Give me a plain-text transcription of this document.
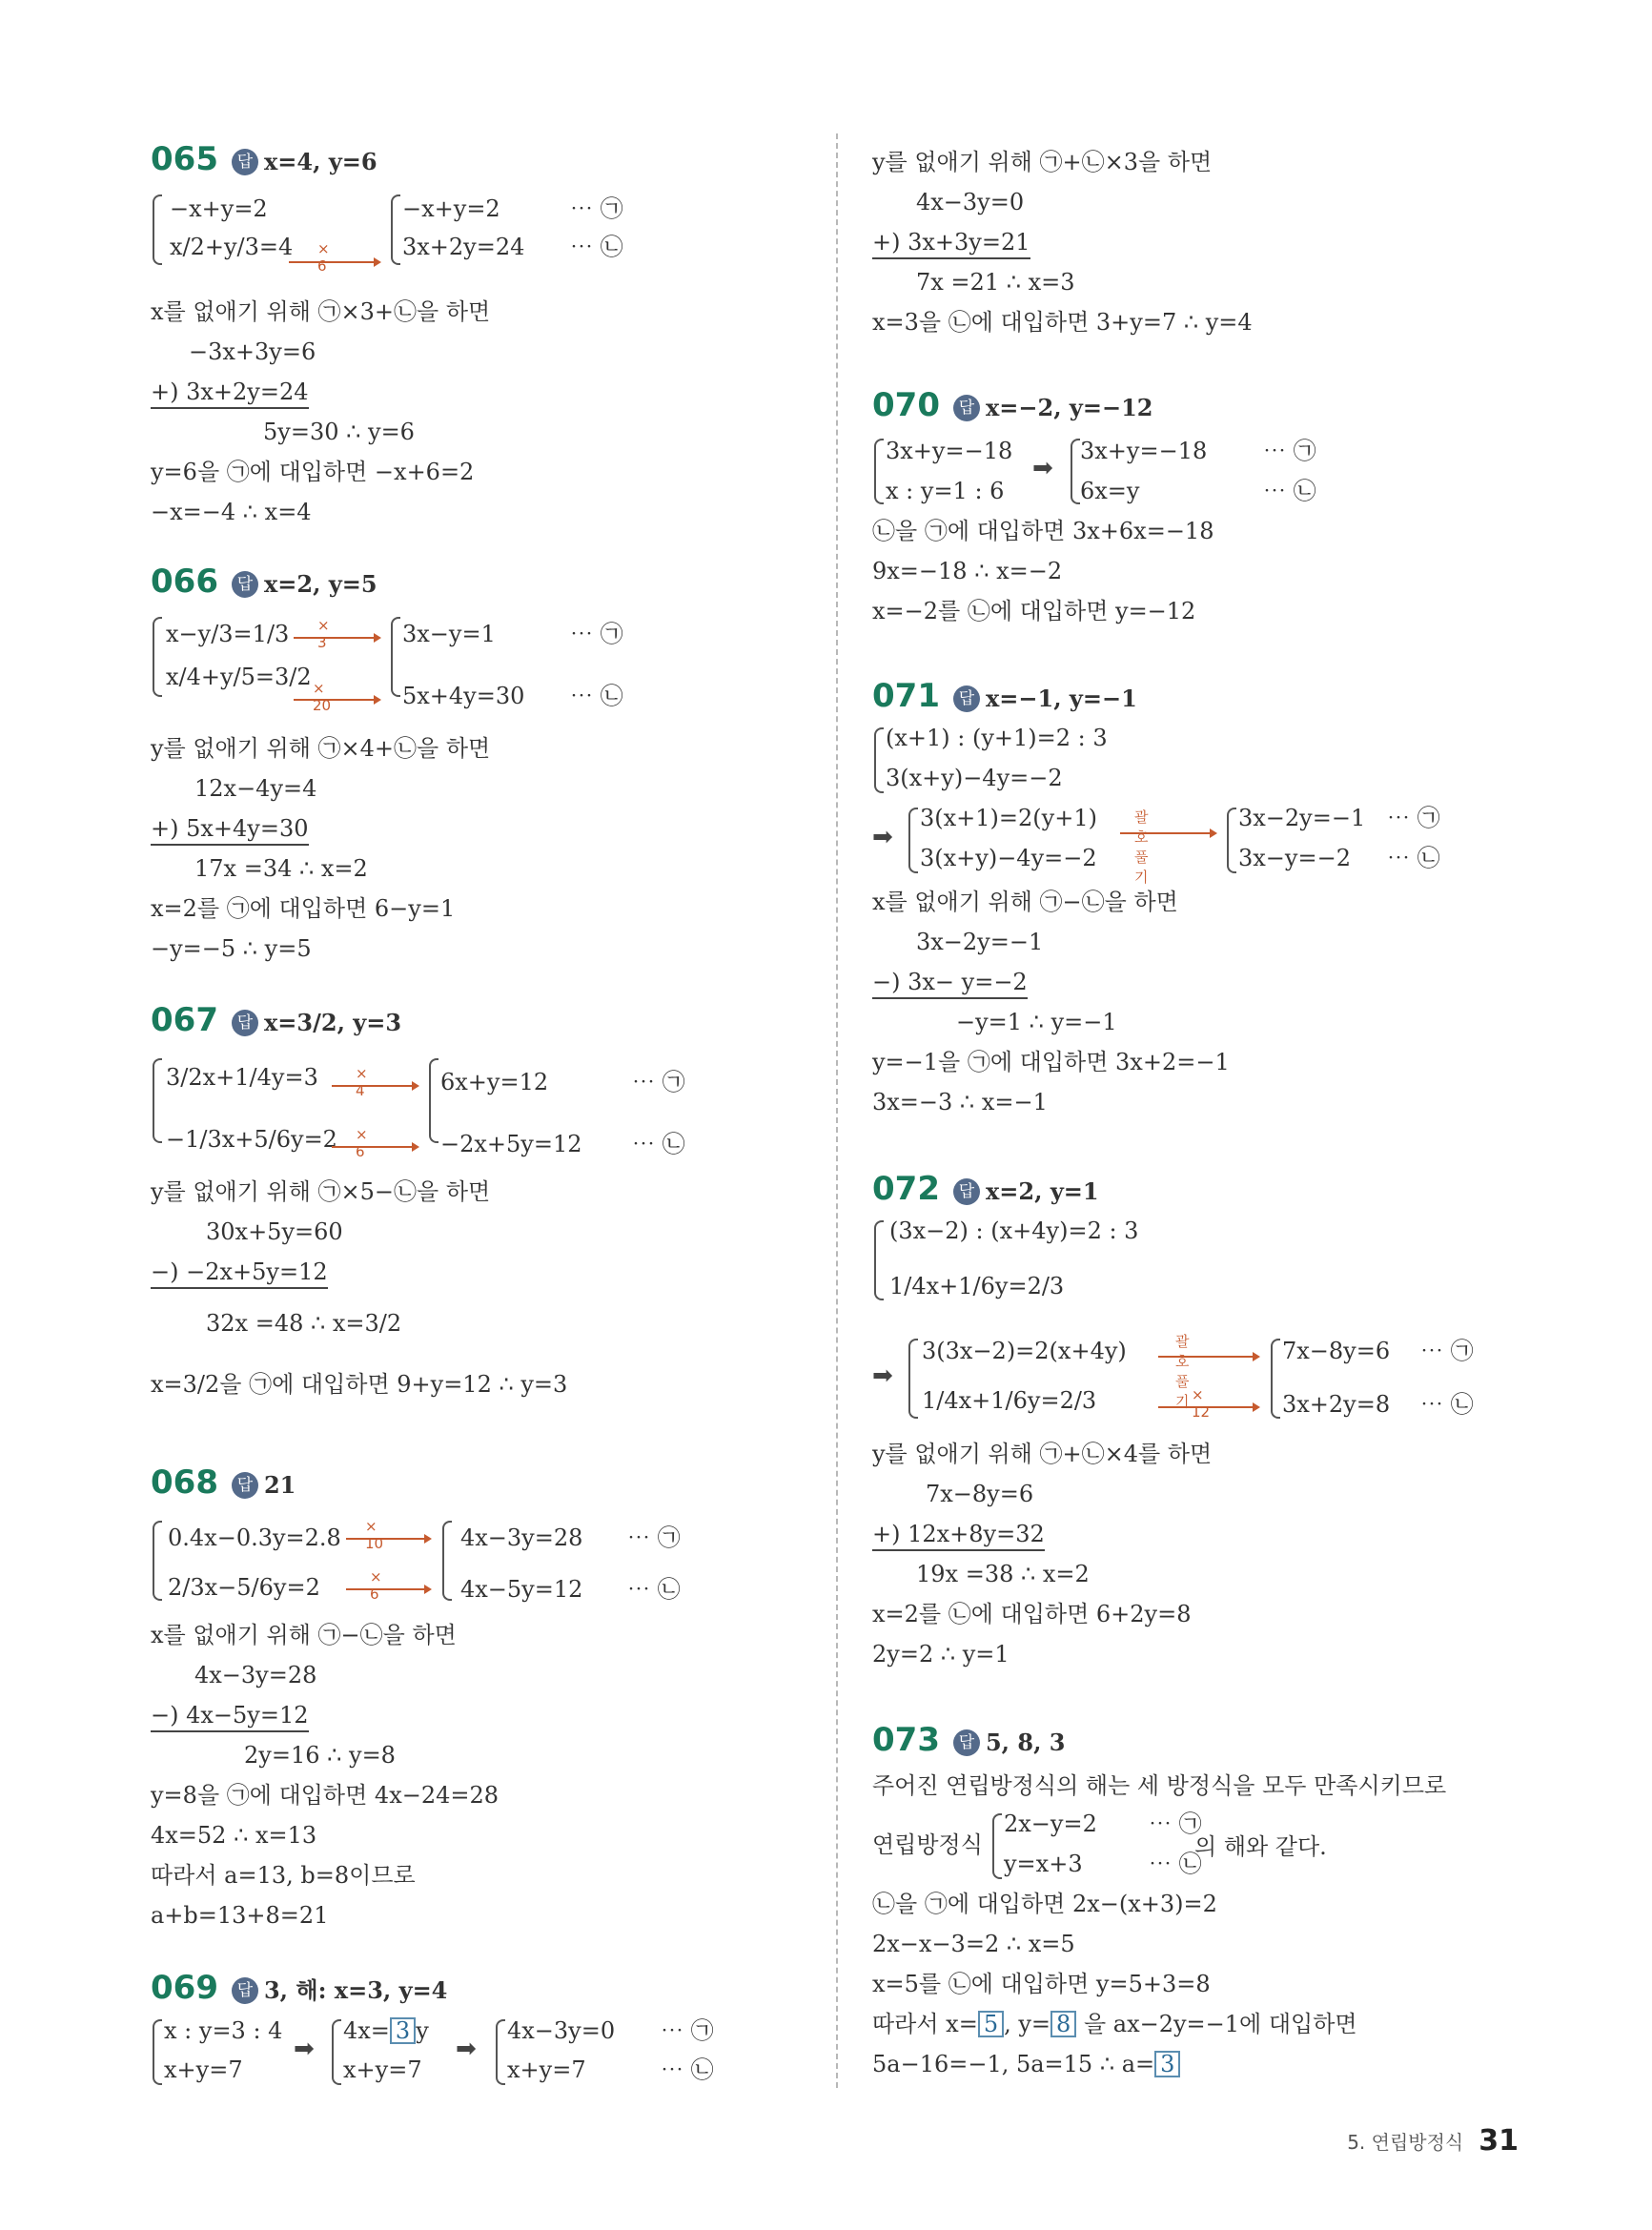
065 답 x=4, y=6
−x+y=2
x/2+y/3=4 × 6
−x+y=2
3x+2y=24
⋯ ㉠
⋯ ㉡
x를 없애기 위해 ㉠×3+㉡을 하면
−3x+3y=6
+) 3x+2y=24
5y=30 ∴ y=6
y=6을 ㉠에 대입하면 −x+6=2
−x=−4 ∴ x=4
066 답 x=2, y=5
x−y/3=1/3
x/4+y/5=3/2
× 3
× 20
3x−y=1
5x+4y=30
⋯ ㉠
⋯ ㉡
y를 없애기 위해 ㉠×4+㉡을 하면
12x−4y=4
+) 5x+4y=30
17x =34 ∴ x=2
x=2를 ㉠에 대입하면 6−y=1
−y=−5 ∴ y=5
067 답 x=3/2, y=3
3/2x+1/4y=3
−1/3x+5/6y=2
× 4
× 6
6x+y=12
−2x+5y=12
⋯ ㉠
⋯ ㉡
y를 없애기 위해 ㉠×5−㉡을 하면
30x+5y=60
−) −2x+5y=12
32x =48 ∴ x=3/2
x=3/2을 ㉠에 대입하면 9+y=12 ∴ y=3
068 답 21
0.4x−0.3y=2.8
2/3x−5/6y=2
× 10
× 6
4x−3y=28
4x−5y=12
⋯ ㉠
⋯ ㉡
x를 없애기 위해 ㉠−㉡을 하면
4x−3y=28
−) 4x−5y=12
2y=16 ∴ y=8
y=8을 ㉠에 대입하면 4x−24=28
4x=52 ∴ x=13
따라서 a=13, b=8이므로
a+b=13+8=21
069 답 3, 해: x=3, y=4
x : y=3 : 4
x+y=7
➡
4x= 3 y
x+y=7
➡
4x−3y=0
x+y=7
⋯ ㉠
⋯ ㉡
y를 없애기 위해 ㉠+㉡×3을 하면
4x−3y=0
+) 3x+3y=21
7x =21 ∴ x=3
x=3을 ㉡에 대입하면 3+y=7 ∴ y=4
070 답 x=−2, y=−12
3x+y=−18
x : y=1 : 6
➡
3x+y=−18
6x=y
⋯ ㉠
⋯ ㉡
㉡을 ㉠에 대입하면 3x+6x=−18
9x=−18 ∴ x=−2
x=−2를 ㉡에 대입하면 y=−12
071 답 x=−1, y=−1
(x+1) : (y+1)=2 : 3
3(x+y)−4y=−2
➡
3(x+1)=2(y+1)
3(x+y)−4y=−2
괄호 풀기
3x−2y=−1
3x−y=−2
⋯ ㉠
⋯ ㉡
x를 없애기 위해 ㉠−㉡을 하면
3x−2y=−1
−) 3x− y=−2
−y=1 ∴ y=−1
y=−1을 ㉠에 대입하면 3x+2=−1
3x=−3 ∴ x=−1
072 답 x=2, y=1
(3x−2) : (x+4y)=2 : 3
1/4x+1/6y=2/3
➡
3(3x−2)=2(x+4y)
1/4x+1/6y=2/3
괄호 풀기 × 12
7x−8y=6
3x+2y=8
⋯ ㉠
⋯ ㉡
y를 없애기 위해 ㉠+㉡×4를 하면
7x−8y=6
+) 12x+8y=32
19x =38 ∴ x=2
x=2를 ㉡에 대입하면 6+2y=8
2y=2 ∴ y=1
073 답 5, 8, 3
주어진 연립방정식의 해는 세 방정식을 모두 만족시키므로
연립방정식
2x−y=2
y=x+3
⋯ ㉠
⋯ ㉡
의 해와 같다.
㉡을 ㉠에 대입하면 2x−(x+3)=2
2x−x−3=2 ∴ x=5
x=5를 ㉡에 대입하면 y=5+3=8
따라서 x= 5 , y= 8 을 ax−2y=−1에 대입하면
5a−16=−1, 5a=15 ∴ a= 3
5. 연립방정식 31
